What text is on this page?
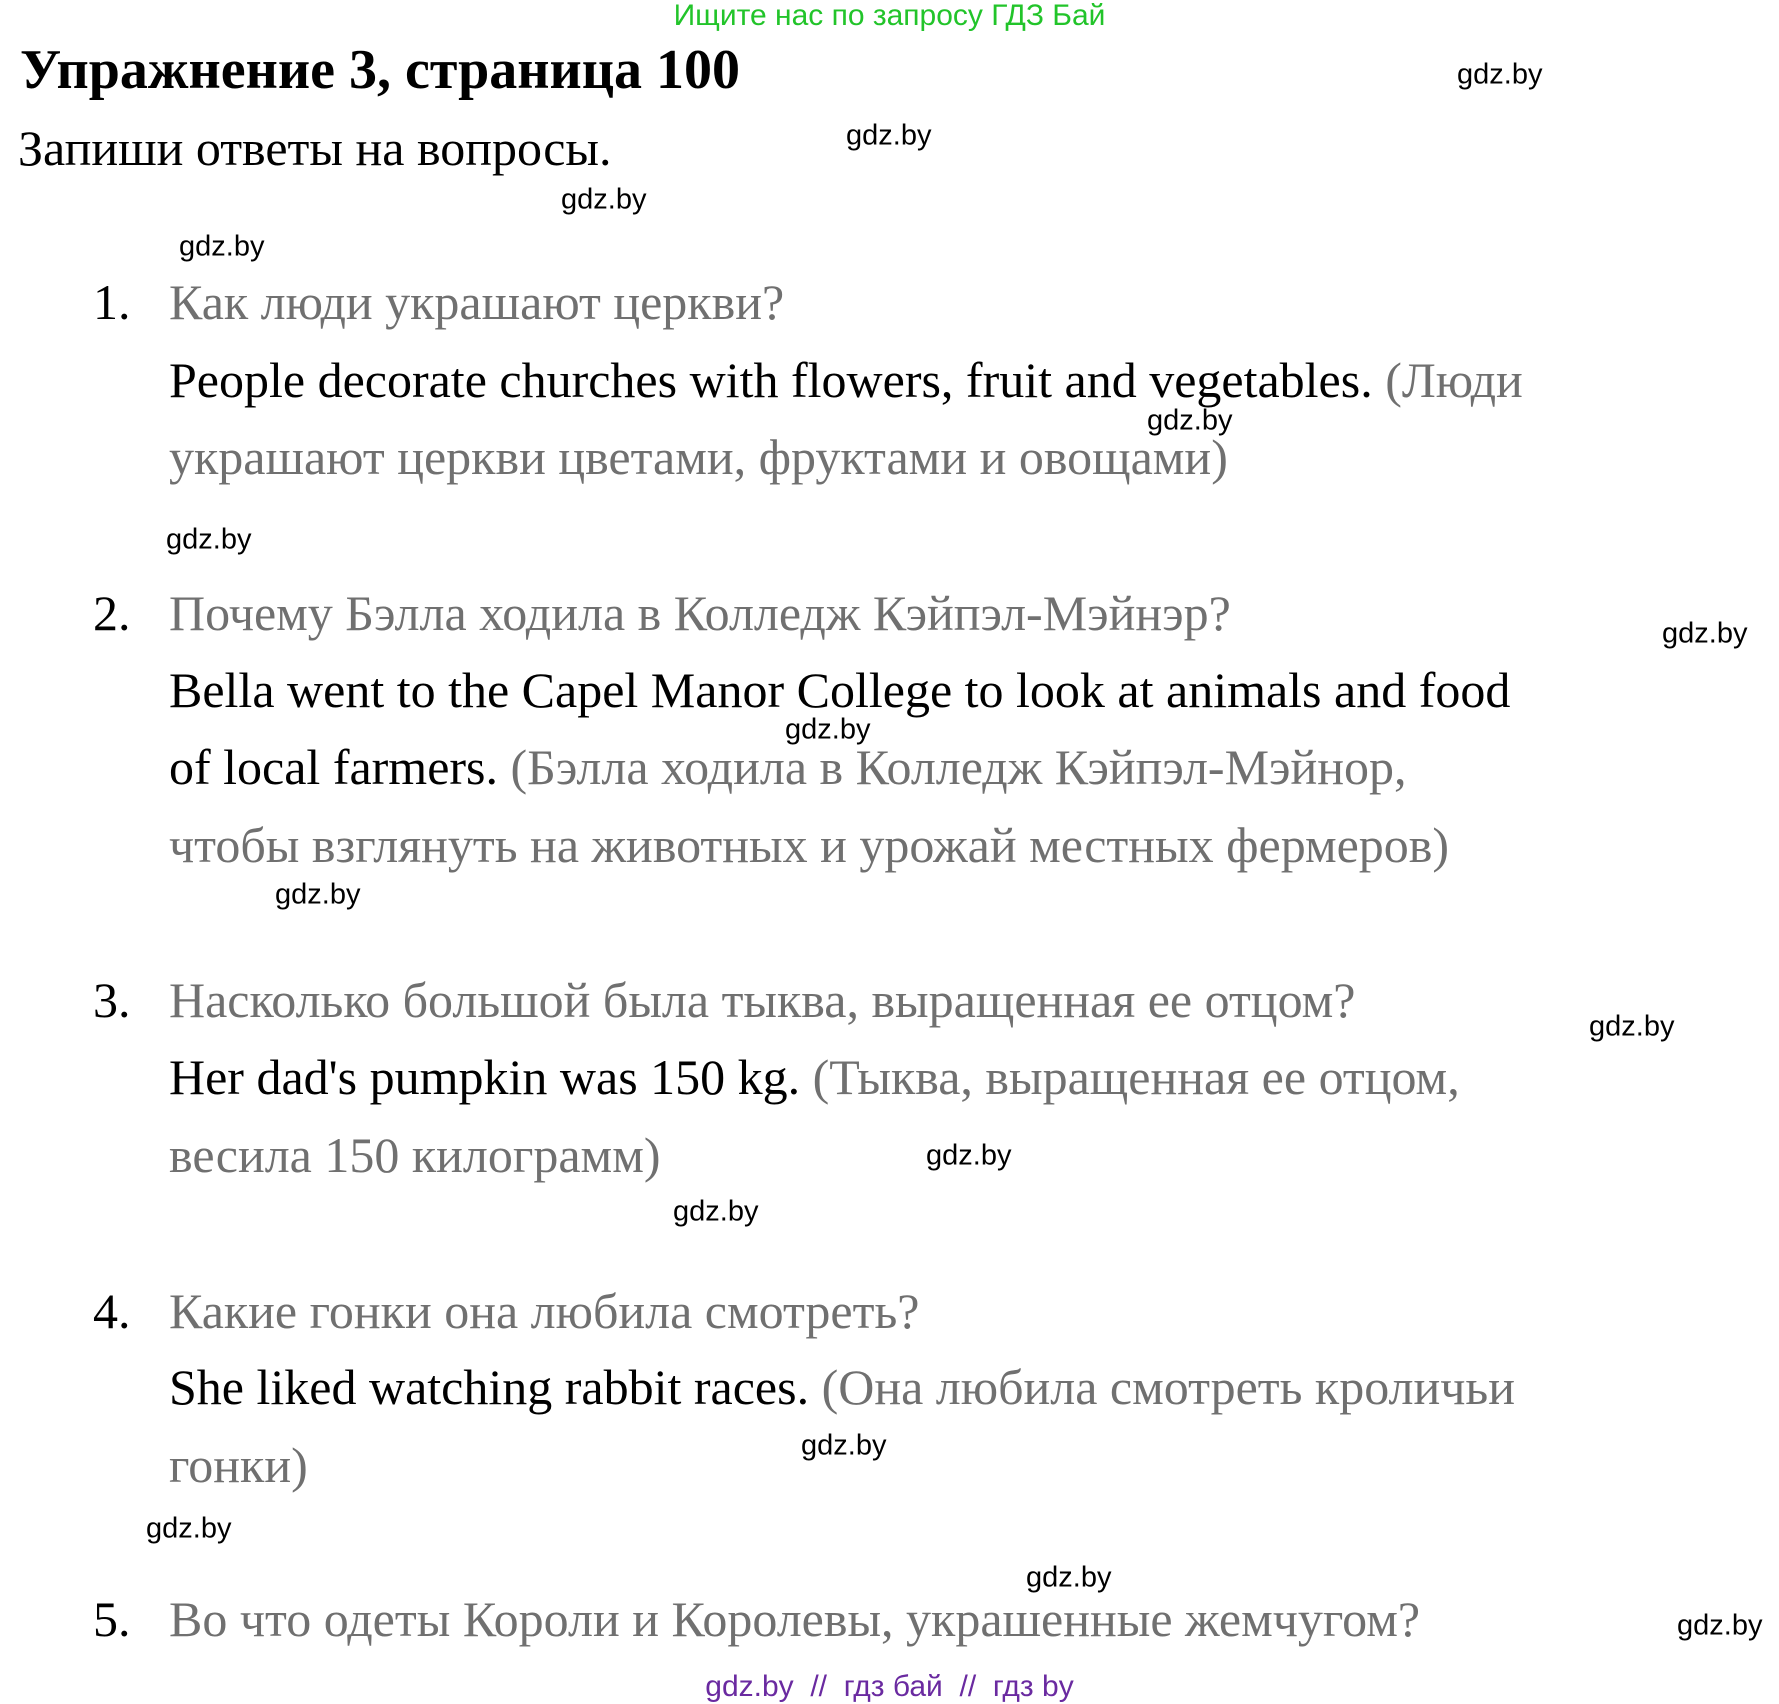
Ищите нас по запросу ГДЗ Бай
Упражнение 3, страница 100
Запиши ответы на вопросы.
1. Как люди украшают церкви?
People decorate churches with flowers, fruit and vegetables. (Люди
украшают церкви цветами, фруктами и овощами)
2. Почему Бэлла ходила в Колледж Кэйпэл-Мэйнэр?
Bella went to the Capel Manor College to look at animals and food
of local farmers. (Бэлла ходила в Колледж Кэйпэл-Мэйнор,
чтобы взглянуть на животных и урожай местных фермеров)
3. Насколько большой была тыква, выращенная ее отцом?
Her dad's pumpkin was 150 kg. (Тыква, выращенная ее отцом,
весила 150 килограмм)
4. Какие гонки она любила смотреть?
She liked watching rabbit races. (Она любила смотреть кроличьи
гонки)
5. Во что одеты Короли и Королевы, украшенные жемчугом?
gdz.by
gdz.by
gdz.by
gdz.by
gdz.by
gdz.by
gdz.by
gdz.by
gdz.by
gdz.by
gdz.by
gdz.by
gdz.by
gdz.by
gdz.by
gdz.by
gdz.by  //  гдз бай  //  гдз by
